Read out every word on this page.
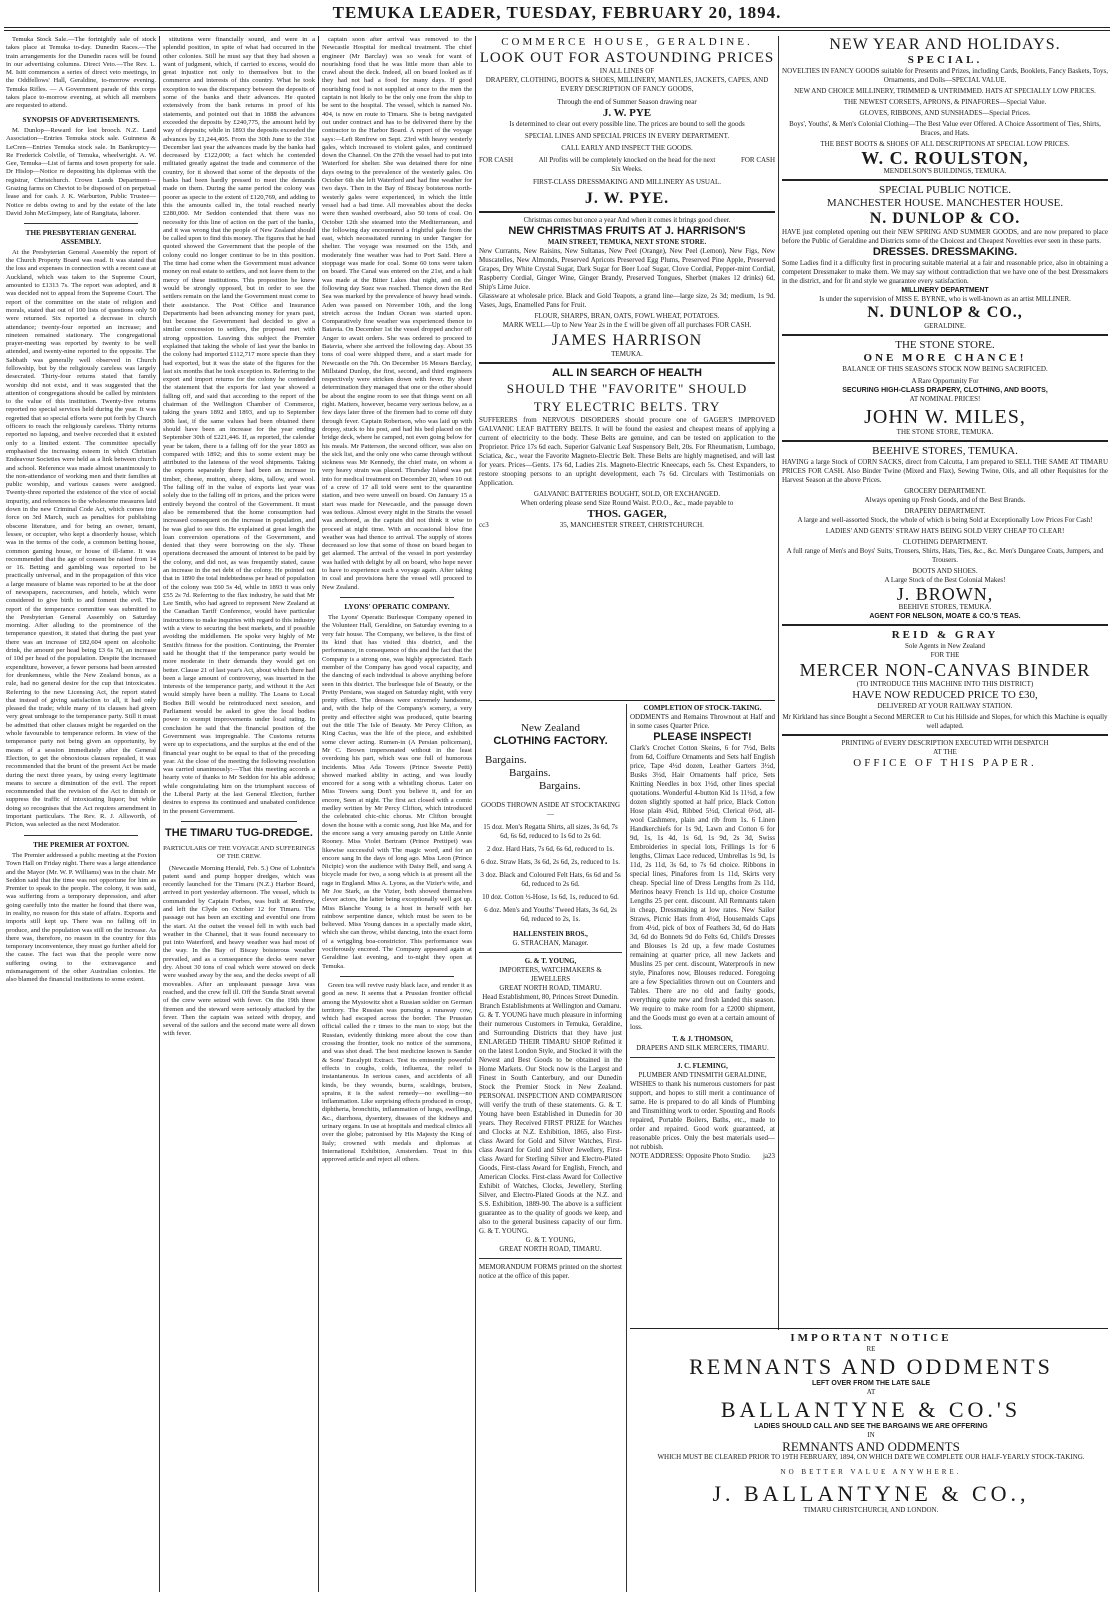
TEMUKA LEADER, TUESDAY, FEBRUARY 20, 1894.

Temuka Stock Sale.—The fortnightly sale of stock takes place at Temuka to-day. Dunedin Races.—The train arrangements for the Dunedin races will be found in our advertising columns. Direct Veto.—The Rev. L. M. Isitt commences a series of direct veto meetings, in the Oddfellows' Hall, Geraldine, to-morrow evening. Temuka Rifles. — A Government parade of this corps takes place to-morrow evening, at which all members are requested to attend.

SYNOPSIS OF ADVERTISEMENTS.

M. Dunlop—Reward for lost brooch. N.Z. Land Association—Entries Temuka stock sale. Guinness & LeCren—Entries Temuka stock sale. In Bankruptcy—Re Frederick Colville, of Temuka, wheelwright. A. W. Gee, Temuka—List of farms and town property for sale. Dr Hislop—Notice re depositing his diplomas with the registrar, Christchurch. Crown Lands Department—Grazing farms on Cheviot to be disposed of on perpetual lease and for cash. J. K. Warburton, Public Trustee—Notice re debts owing to and by the estate of the late David John McGimpsey, late of Rangitata, laborer.

THE PRESBYTERIAN GENERAL ASSEMBLY.

At the Presbyterian General Assembly the report of the Church Property Board was read. It was stated that the loss and expenses in connection with a recent case at Auckland, which was taken to the Supreme Court, amounted to £1313 7s. The report was adopted, and it was decided not to appeal from the Supreme Court. The report of the committee on the state of religion and morals, stated that out of 100 lists of questions only 50 were returned. Six reported a decrease in church attendance; twenty-four reported an increase; and nineteen remained stationary. The congregational prayer-meeting was reported by twenty to be well attended, and twenty-nine reported to the opposite. The Sabbath was generally well observed in Church fellowship, but by the religiously careless was largely desecrated. Thirty-four returns stated that family worship did not exist, and it was suggested that the attention of congregations should be called by ministers to the value of this institution. Twenty-five returns reported no special services held during the year. It was regretted that so special efforts were put forth by Church officers to reach the religiously careless. Thirty returns reported no lapsing, and twelve recorded that it existed only to a limited extent. The committee specially emphasised the increasing esteem in which Christian Endeavour Societies were held as a link between church and school. Reference was made almost unanimously to the non-attendance of working men and their families at public worship, and various causes were assigned. Twenty-three reported the existence of the vice of social impurity, and references to the wholesome measures laid down in the new Criminal Code Act, which comes into force on 3rd March, such as penalties for publishing obscene literature, and for being an owner, tenant, lessee, or occupier, who kept a disorderly house, which was in the terms of the code, a common betting house, common gaming house, or house of ill-fame. It was recommended that the age of consent be raised from 14 or 16. Betting and gambling was reported to be practically universal, and in the propagation of this vice a large measure of blame was reported to be at the door of newspapers, racecourses, and hotels, which were considered to give birth to and foment the evil. The report of the temperance committee was submitted to the Presbyterian General Assembly on Saturday morning. After alluding to the prominence of the temperance question, it stated that during the past year there was an increase of £82,604 spent on alcoholic drink, the amount per head being £3 6s 7d, an increase of 10d per head of the population. Despite the increased expenditure, however, a fewer persons had been arrested for drunkenness, while the New Zealand bonus, as a rule, had no general desire for the cup that intoxicates. Referring to the new Licensing Act, the report stated that instead of giving satisfaction to all, it had only pleased the trade; while many of its clauses had given very great umbrage to the temperance party. Still it must be admitted that other clauses might be regarded on the whole favourable to temperance reform. In view of the temperance party not being given an opportunity, by means of a session immediately after the General Election, to get the obnoxious clauses repealed, it was recommended that the brunt of the present Act be made during the next three years, by using every legitimate means to secure a diminution of the evil. The report recommended that the revision of the Act to dimish or suppress the traffic of intoxicating liquor; but while doing so recognises that the Act requires amendment in important particulars. The Rev. R. J. Allsworth, of Picton, was selected as the next Moderator.

THE PREMIER AT FOXTON.

The Premier addressed a public meeting at the Foxton Town Hall on Friday night. There was a large attendance and the Mayor (Mr. W. P. Williams) was in the chair. Mr Seddon said that the time was not opportune for him as Premier to speak to the people. The colony, it was said, was suffering from a temporary depression, and after going carefully into the matter he found that there was, in reality, no reason for this state of affairs. Exports and imports still kept up. There was no falling off in produce, and the population was still on the increase. As there was, therefore, no reason in the country for this temporary inconvenience, they must go further afield for the cause. The fact was that the people were now suffering owing to the extravagance and mismanagement of the other Australian colonies. He also blamed the financial institutions to some extent.

stitutions were financially sound, and were in a splendid position, in spite of what had occurred in the other colonies. Still he must say that they had shown a want of judgment, which, if carried to excess, would do great injustice not only to themselves but to the commerce and interests of this country. What he took exception to was the discrepancy between the deposits of some of the banks and their advances. He quoted extensively from the bank returns in proof of his statements, and pointed out that in 1888 the advances exceeded the deposits by £240,775, the amount held by way of deposits; while in 1893 the deposits exceeded the advances by £1,244,405. From the 30th June to the 31st December last year the advances made by the banks had decreased by £122,000; a fact which he contended militated greatly against the trade and commerce of the country, for it showed that some of the deposits of the banks had been hardly pressed to meet the demands made on them. During the same period the colony was poorer as specie to the extent of £120,769, and adding to this the amounts called in, the total reached nearly £280,000. Mr Seddon contended that there was no necessity for this line of action on the part of the banks, and it was wrong that the people of New Zealand should be called upon to find this money. The figures that he had quoted showed the Government that the people of the colony could no longer continue to be in this position. The time had come when the Government must advance money on real estate to settlers, and not leave them to the mercy of these institutions. This proposition he knew would be strongly opposed, but in order to see the settlers remain on the land the Government must come to their assistance. The Post Office and Insurance Departments had been advancing money for years past, but because the Government had decided to give a similar concession to settlers, the proposal met with strong opposition. Leaving this subject the Premier explained that taking the whole of last year the banks in the colony had imported £112,717 more specie than they had exported, but it was the state of the figures for the last six months that he took exception to. Referring to the export and import returns for the colony he contended the statement that the exports for last year showed a falling off, and said that according to the report of the chairman of the Wellington Chamber of Commerce, taking the years 1892 and 1893, and up to September 30th last, if the same values had been obtained there should have been an increase for the year ending September 30th of £221,446. If, as reported, the calendar year be taken, there is a falling off for the year 1893 as compared with 1892; and this to some extent may be attributed to the lateness of the wool shipments. Taking the exports separately there had been an increase in timber, cheese, mutton, sheep, skins, tallow, and wool. The falling off in the value of exports last year was solely due to the falling off in prices, and the prices were entirely beyond the control of the Government. It must also be remembered that the home consumption had increased consequent on the increase in population, and he was glad to see this. He explained at great length the loan conversion operations of the Government, and denied that they were borrowing on the sly. These operations decreased the amount of interest to be paid by the colony, and did not, as was frequently stated, cause an increase in the net debt of the colony. He pointed out that in 1890 the total indebtedness per head of population of the colony was £60 5s 4d, while in 1893 it was only £55 2s 7d. Referring to the flax industry, he said that Mr Lee Smith, who had agreed to represent New Zealand at the Canadian Tariff Conference, would have particular instructions to make inquiries with regard to this industry with a view to securing the best markets, and if possible avoiding the middlemen. He spoke very highly of Mr Smith's fitness for the position. Continuing, the Premier said he thought that if the temperance party would be more moderate in their demands they would get on better. Clause 21 of last year's Act, about which there had been a large amount of controversy, was inserted in the interests of the temperance party, and without it the Act would simply have been a nullity. The Loans to Local Bodies Bill would be reintroduced next session, and Parliament would be asked to give the local bodies power to exempt improvements under local rating. In conclusion he said that the financial position of the Government was impregnable. The Customs returns were up to expectations, and the surplus at the end of the financial year ought to be equal to that of the preceding year. At the close of the meeting the following resolution was carried unanimously:—That this meeting accords a hearty vote of thanks to Mr Seddon for his able address; while congratulating him on the triumphant success of the Liberal Party at the last General Election, further desires to express its continued and unabated confidence in the present Government.

THE TIMARU TUG-DREDGE.
PARTICULARS OF THE VOYAGE AND SUFFERINGS OF THE CREW.

(Newcastle Morning Herald, Feb. 5.) One of Lobnitz's patent sand and pump hopper dredges, which was recently launched for the Timaru (N.Z.) Harbor Board, arrived in port yesterday afternoon. The vessel, which is commanded by Captain Forbes, was built at Renfrew, and left the Clyde on October 12 for Timaru. The passage out has been an exciting and eventful one from the start. At the outset the vessel fell in with such bad weather in the Channel, that it was found necessary to put into Waterford, and heavy weather was had most of the way. In the Bay of Biscay boisterous weather prevailed, and as a consequence the decks were never dry. About 30 tons of coal which were stowed on deck were washed away by the sea, and the decks swept of all moveables. After an unpleasant passage Java was reached, and the crew fell ill. Off the Sunda Strait several of the crew were seized with fever. On the 19th three firemen and the steward were seriously attacked by the fever. Then the captain was seized with dropsy, and several of the sailors and the second mate were all down with fever.

captain soon after arrival was removed to the Newcastle Hospital for medical treatment. The chief engineer (Mr Barclay) was so weak for want of nourishing food that he was little more than able to crawl about the deck. Indeed, all on board looked as if they had not had a food for many days. If good nourishing food is not supplied at once to the men the captain is not likely to be the only one from the ship to be sent to the hospital. The vessel, which is named No. 404, is now en route to Timaru. She is being navigated out under contract and has to be delivered there by the contractor to the Harbor Board. A report of the voyage says:—Left Renfrew on Sept. 23rd with heavy westerly gales, which increased to violent gales, and continued down the Channel. On the 27th the vessel had to put into Waterford for shelter. She was detained there for nine days owing to the prevalence of the westerly gales. On October 6th she left Waterford and had fine weather for two days. Then in the Bay of Biscay boisterous north-westerly gales were experienced, in which the little vessel had a bad time. All moveables about the decks were then washed overboard, also 50 tons of coal. On October 12th she steamed into the Mediterranean, and the following day encountered a frightful gale from the east, which necessitated running in under Tangier for shelter. The voyage was resumed on the 15th, and moderately fine weather was had to Port Said. Here a stoppage was made for coal. Some 60 tons were taken on board. The Canal was entered on the 21st, and a halt was made at the Bitter Lakes that night, and on the following day Suez was reached. Thence down the Red Sea was marked by the prevalence of heavy head winds. Aden was passed on November 10th, and the long stretch across the Indian Ocean was started upon. Comparatively fine weather was experienced thence to Batavia. On December 1st the vessel dropped anchor off Anger to await orders. She was ordered to proceed to Batavia, where she arrived the following day. About 35 tons of coal were shipped there, and a start made for Newcastle on the 7th. On December 16 Messrs Barclay, Millstand Dunlop, the first, second, and third engineers respectively were stricken down with fever. By sheer determination they managed that one or the other should be about the engine room to see that things went on all right. Matters, however, became very serious below, as a few days later three of the firemen had to come off duty through fever. Captain Robertson, who was laid up with dropsy, stuck to his post, and had his bed placed on the bridge deck, where he camped, not even going below for his meals. Mr Patterson, the second officer, was also on the sick list, and the only one who came through without sickness was Mr Kennedy, the chief mate, on whom a very heavy strain was placed. Thursday Island was put into for medical treatment on December 20, when 10 out of a crew of 17 all told were sent to the quarantine station, and two were unwell on board. On January 15 a start was made for Newcastle, and the passage down was tedious. Almost every night in the Straits the vessel was anchored, as the captain did not think it wise to proceed at night time. With an occasional blow fine weather was had thence to arrival. The supply of stores decreased so low that some of those on board began to get alarmed. The arrival of the vessel in port yesterday was hailed with delight by all on board, who hope never to have to experience such a voyage again. After taking in coal and provisions here the vessel will proceed to New Zealand.

LYONS' OPERATIC COMPANY.

The Lyons' Operatic Burlesque Company opened in the Volunteer Hall, Geraldine, on Saturday evening to a very fair house. The Company, we believe, is the first of its kind that has visited this district, and the performance, in consequence of this and the fact that the Company is a strong one, was highly appreciated. Each member of the Company has good vocal capacity, and the dancing of each individual is above anything before seen in this district. The burlesque Isle of Beauty, or the Pretty Persians, was staged on Saturday night, with very pretty effect. The dresses were extremely handsome, and, with the help of the Company's scenery, a very pretty and effective sight was produced, quite bearing out the title The Isle of Beauty. Mr Percy Clifton, as King Cactus, was the life of the piece, and exhibited some clever acting. Rumen-in (A Persian policeman), Mr C. Brown impersonated without in the least overdoing his part, which was one full of humorous incidents. Miss Ada Towers (Prince Sweete Petti) showed marked ability in acting, and was loudly encored for a song with a whistling chorus. Later on Miss Towers sang Don't you believe it, and for an encore, Seen at night. The first act closed with a comic medley written by Mr Percy Clifton, which introduced the celebrated chic-chic chorus. Mr Clifton brought down the house with a comic song, Just like Ma, and for the encore sang a very amusing parody on Little Annie Rooney. Miss Violet Bertram (Prince Prettipet) was likewise successful with The magic word, and for an encore sang In the days of long ago. Miss Leon (Prince Nicipic) won the audience with Daisy Bell, and sang A bicycle made for two, a song which is at present all the rage in England. Miss A. Lyons, as the Vizier's wife, and Mr Joe Stark, as the Vizier, both showed themselves clever actors, the latter being exceptionally well got up. Miss Blanche Young is a host in herself with her rainbow serpentine dance, which must be seen to be believed. Miss Young dances in a specially made skirt, which she can throw, whilst dancing, into the exact form of a wriggling boa-constrictor. This performance was vociferously encored. The Company appeared again at Geraldine last evening, and to-night they open at Temuka.

Green tea will revive rusty black lace, and render it as good as new. It seems that a Prussian frontier official among the Mysiowitz shot a Russian soldier on German territory. The Russian was pursuing a runaway cow, which had escaped across the border. The Prussian official called the r times to the man to stop; but the Russian, evidently thinking more about the cow than crossing the frontier, took no notice of the summons, and was shot dead. The best medicine known is Sander & Sons' Eucalypti Extract. Test its eminently powerful effects in coughs, colds, influenza, the relief is instantaneous. In serious cases, and accidents of all kinds, be they wounds, burns, scaldings, bruises, sprains, it is the safest remedy—no swelling—no inflammation. Like surprising effects produced in croup, diphtheria, bronchitis, inflammation of lungs, swellings, &c., diarrhoea, dysentery, diseases of the kidneys and urinary organs. In use at hospitals and medical clinics all over the globe; patronised by His Majesty the King of Italy; crowned with medals and diplomas at International Exhibition, Amsterdam. Trust in this approved article and reject all others.

COMMERCE HOUSE, GERALDINE.
LOOK OUT FOR ASTOUNDING PRICES
IN ALL LINES OF
DRAPERY, CLOTHING, BOOTS & SHOES, MILLINERY, MANTLES, JACKETS, CAPES, AND EVERY DESCRIPTION OF FANCY GOODS,
Through the end of Summer Season drawing near
J. W. PYE
Is determined to clear out every possible line. The prices are bound to sell the goods
SPECIAL LINES AND SPECIAL PRICES IN EVERY DEPARTMENT.
CALL EARLY AND INSPECT THE GOODS.
FOR CASH	All Profits will be completely knocked on the head for the next Six Weeks.
FOR CASH
FIRST-CLASS DRESSMAKING AND MILLINERY AS USUAL.
J. W. PYE.
Christmas comes but once a year And when it comes it brings good cheer.
NEW CHRISTMAS FRUITS AT J. HARRISON'S
MAIN STREET, TEMUKA, NEXT STONE STORE.
New Currants, New Raisins, New Sultanas, New Peel (Orange), New Peel (Lemon), New Figs, New Muscatelles, New Almonds, Preserved Apricots Preserved Egg Plums, Preserved Pine Apple, Preserved Grapes, Dry White Crystal Sugar, Dark Sugar for Beer Loaf Sugar, Clove Cordial, Pepper-mint Cordial, Raspberry Cordial, Ginger Wine, Ginger Brandy, Preserved Tongues, Sherbet (makes 12 drinks) 6d, Ship's Lime Juice.
Glassware at wholesale price. Black and Gold Teapots, a grand line—large size, 2s 3d; medium, 1s 9d. Vases, Jugs, Enamelled Pans for Fruit.
FLOUR, SHARPS, BRAN, OATS, FOWL WHEAT, POTATOES.
MARK WELL—Up to New Year 2s in the £ will be given off all purchases FOR CASH.
JAMES HARRISON
TEMUKA.
ALL IN SEARCH OF HEALTH
SHOULD THE "FAVORITE" SHOULD
TRY ELECTRIC BELTS. TRY
SUFFERERS from NERVOUS DISORDERS should procure one of GAGER'S IMPROVED GALVANIC LEAF BATTERY BELTS. It will be found the easiest and cheapest means of applying a current of electricity to the body. These Belts are genuine, and can be tested on application to the Proprietor. Price 17s 6d each. Superior Galvanic Leaf Suspensory Belt, 20s. For Rheumatism, Lumbago, Sciatica, &c., wear the Favorite Magneto-Electric Belt. These Belts are highly magnetised, and will last for years. Prices—Gents. 17s 6d, Ladies 21s. Magneto-Electric Kneecaps, each 5s. Chest Expanders, to restore stooping persons to an upright development, each 7s 6d. Circulars with Testimonials on Application.
GALVANIC BATTERIES BOUGHT, SOLD, OR EXCHANGED.
When ordering please send Size Round Waist. P.O.O., &c., made payable to
THOS. GAGER,
cc3	35, MANCHESTER STREET, CHRISTCHURCH.
New Zealand
CLOTHING FACTORY.
Bargains.
Bargains.
Bargains.
GOODS THROWN ASIDE AT STOCKTAKING—
15 doz. Men's Regatta Shirts, all sizes, 3s 6d, 7s 6d, 6s 6d, reduced to 1s 6d to 2s 6d.
2 doz. Hard Hats, 7s 6d, 6s 6d, reduced to 1s.
6 doz. Straw Hats, 3s 6d, 2s 6d, 2s, reduced to 1s.
3 doz. Black and Coloured Felt Hats, 6s 6d and 5s 6d, reduced to 2s 6d.
10 doz. Cotton ½-Hose, 1s 6d, 1s, reduced to 6d.
6 doz. Men's and Youths' Tweed Hats, 3s 6d, 2s 6d, reduced to 2s, 1s.
HALLENSTEIN BROS.,
G. STRACHAN, Manager.
G. & T. YOUNG,
IMPORTERS, WATCHMAKERS & JEWELLERS
GREAT NORTH ROAD, TIMARU.
Head Establishment, 80, Princes Street Dunedin.
Branch Establishments at Wellington and Oamaru.
G. & T. YOUNG have much pleasure in informing their numerous Customers in Temuka, Geraldine, and Surrounding Districts that they have just ENLARGED THEIR TIMARU SHOP Refitted it on the latest London Style, and Stocked it with the Newest and Best Goods to be obtained in the Home Markets. Our Stock now is the Largest and Finest in South Canterbury, and our Dunedin Stock the Premier Stock in New Zealand. PERSONAL INSPECTION AND COMPARISON will verify the truth of these statements. G. & T. Young have been Established in Dunedin for 30 years. They Received FIRST PRIZE for Watches and Clocks at N.Z. Exhibition, 1865, also First-class Award for Gold and Silver Watches, First-class Award for Gold and Silver Jewellery, First-class Award for Sterling Silver and Electro-Plated Goods, First-class Award for English, French, and American Clocks. First-class Award for Collective Exhibit of Watches, Clocks, Jewellery, Sterling Silver, and Electro-Plated Goods at the N.Z. and S.S. Exhibition, 1889-90. The above is a sufficient guarantee as to the quality of goods we keep, and also to the general business capacity of our firm. G. & T. YOUNG.
G. & T. YOUNG,
GREAT NORTH ROAD, TIMARU.
MEMORANDUM FORMS printed on the shortest notice at the office of this paper.
COMPLETION OF STOCK-TAKING.
ODDMENTS and Remains Thrownout at Half and in some cases Quarter Price.
PLEASE INSPECT!
Clark's Crochet Cotton Skeins, 6 for 7½d, Belts from 6d, Coiffure Ornaments and Sets half English price, Tape 4½d dozen, Leather Garters 3½d, Busks 3½d, Hair Ornaments half price, Sets Knitting Needles in box 1½d, other lines special quotations. Wonderful 4-button Kid 1s 11½d, a few dozen slightly spotted at half price, Black Cotton Hose plain 4¾d, Ribbed 5½d, Clerical 6½d, all-wool Cashmere, plain and rib from 1s. 6 Linen Handkerchiefs for 1s 9d, Lawn and Cotton 6 for 9d, 1s, 1s 4d, 1s 6d, 1s 9d, 2s 3d, Swiss Embroideries in special lots, Frillings 1s for 6 lengths, Climax Lace reduced, Umbrellas 1s 9d, 1s 11d, 2s 11d, 3s 6d, to 7s 6d choice. Ribbons in special lines, Pinafores from 1s 11d, Skirts very cheap. Special line of Dress Lengths from 2s 11d, Merinos heavy French 1s 11d up, choice Costume Lengths 25 per cent. discount. All Remnants taken in cheap, Dressmaking at low rates. New Sailor Straws, Picnic Hats from 4½d, Housemaids Caps from 4½d, pick of box of Feathers 3d, 6d do Hats 3d, 6d do Bonnets 9d do Felts 6d, Child's Dresses and Blouses 1s 2d up, a few made Costumes remaining at quarter price, all new Jackets and Muslins 25 per cent. discount, Waterproofs in new style, Pinafores now, Blouses reduced. Foregoing are a few Specialities thrown out on Counters and Tables. There are no old and faulty goods, everything quite new and fresh landed this season. We require to make room for a £2000 shipment, and the Goods must go even at a certain amount of loss.
T. & J. THOMSON,
DRAPERS AND SILK MERCERS, TIMARU.
J. C. FLEMING,
PLUMBER AND TINSMITH GERALDINE,
WISHES to thank his numerous customers for past support, and hopes to still merit a continuance of same. He is prepared to do all kinds of Plumbing and Tinsmithing work to order. Spouting and Roofs repaired, Portable Boilers, Baths, etc., made to order and repaired. Good work guaranteed, at reasonable prices. Only the best materials used—not rubbish.
NOTE ADDRESS: Opposite Photo Studio. ja23
NEW YEAR AND HOLIDAYS.
SPECIAL.
NOVELTIES IN FANCY GOODS suitable for Presents and Prizes, including Cards, Booklets, Fancy Baskets, Toys, Ornaments, and Dolls—SPECIAL VALUE.
NEW AND CHOICE MILLINERY, TRIMMED & UNTRIMMED. HATS AT SPECIALLY LOW PRICES.
THE NEWEST CORSETS, APRONS, & PINAFORES—Special Value.
GLOVES, RIBBONS, AND SUNSHADES—Special Prices.
Boys', Youths', & Men's Colonial Clothing—The Best Value ever Offered. A Choice Assortment of Ties, Shirts, Braces, and Hats.
THE BEST BOOTS & SHOES OF ALL DESCRIPTIONS AT SPECIAL LOW PRICES.
W. C. ROULSTON,
MENDELSON'S BUILDINGS, TEMUKA.
SPECIAL PUBLIC NOTICE.
MANCHESTER HOUSE. MANCHESTER HOUSE.
N. DUNLOP & CO.
HAVE just completed opening out their NEW SPRING AND SUMMER GOODS, and are now prepared to place before the Public of Geraldine and Districts some of the Choicest and Cheapest Novelties ever seen in these parts.
DRESSES. DRESSMAKING.
Some Ladies find it a difficulty first in procuring suitable material at a fair and reasonable price, also in obtaining a competent Dressmaker to make them. We may say without contradiction that we have one of the best Dressmakers in the district, and for fit and style we guarantee every satisfaction.
MILLINERY DEPARTMENT
Is under the supervision of MISS E. BYRNE, who is well-known as an artist MILLINER.
N. DUNLOP & CO.,
GERALDINE.
THE STONE STORE.
ONE MORE CHANCE!
BALANCE OF THIS SEASON'S STOCK NOW BEING SACRIFICED.
A Rare Opportunity For
SECURING HIGH-CLASS DRAPERY, CLOTHING, AND BOOTS,
AT NOMINAL PRICES!
JOHN W. MILES,
THE STONE STORE, TEMUKA.
BEEHIVE STORES, TEMUKA.
HAVING a large Stock of CORN SACKS, direct from Calcutta, I am prepared to SELL THE SAME AT TIMARU PRICES FOR CASH. Also Binder Twine (Mixed and Flax), Sewing Twine, Oils, and all other Requisites for the Harvest Season at the above Prices.
GROCERY DEPARTMENT.
Always opening up Fresh Goods, and of the Best Brands.
DRAPERY DEPARTMENT.
A large and well-assorted Stock, the whole of which is being Sold at Exceptionally Low Prices For Cash!
LADIES' AND GENTS' STRAW HATS BEING SOLD VERY CHEAP TO CLEAR!
CLOTHING DEPARTMENT.
A full range of Men's and Boys' Suits, Trousers, Shirts, Hats, Ties, &c., &c. Men's Dungaree Coats, Jumpers, and Trousers.
BOOTS AND SHOES.
A Large Stock of the Best Colonial Makes!
J. BROWN,
BEEHIVE STORES, TEMUKA.
AGENT FOR NELSON, MOATE & CO.'S TEAS.
REID & GRAY
Sole Agents in New Zealand
FOR THE
MERCER NON-CANVAS BINDER
(TO INTRODUCE THIS MACHINE INTO THIS DISTRICT)
HAVE NOW REDUCED PRICE TO £30,
DELIVERED AT YOUR RAILWAY STATION.
Mr Kirkland has since Bought a Second MERCER to Cut his Hillside and Slopes, for which this Machine is equally well adapted.
PRINTING of EVERY DESCRIPTION EXECUTED WITH DESPATCH
AT THE
OFFICE OF THIS PAPER.
IMPORTANT NOTICE
RE
REMNANTS AND ODDMENTS
LEFT OVER FROM THE LATE SALE
AT
BALLANTYNE & CO.'S
LADIES SHOULD CALL AND SEE THE BARGAINS WE ARE OFFERING
IN
REMNANTS AND ODDMENTS
WHICH MUST BE CLEARED PRIOR TO 19TH FEBRUARY, 1894, ON WHICH DATE WE COMPLETE OUR HALF-YEARLY STOCK-TAKING.
NO BETTER VALUE ANYWHERE.
J. BALLANTYNE & CO.,
TIMARU CHRISTCHURCH, AND LONDON.
